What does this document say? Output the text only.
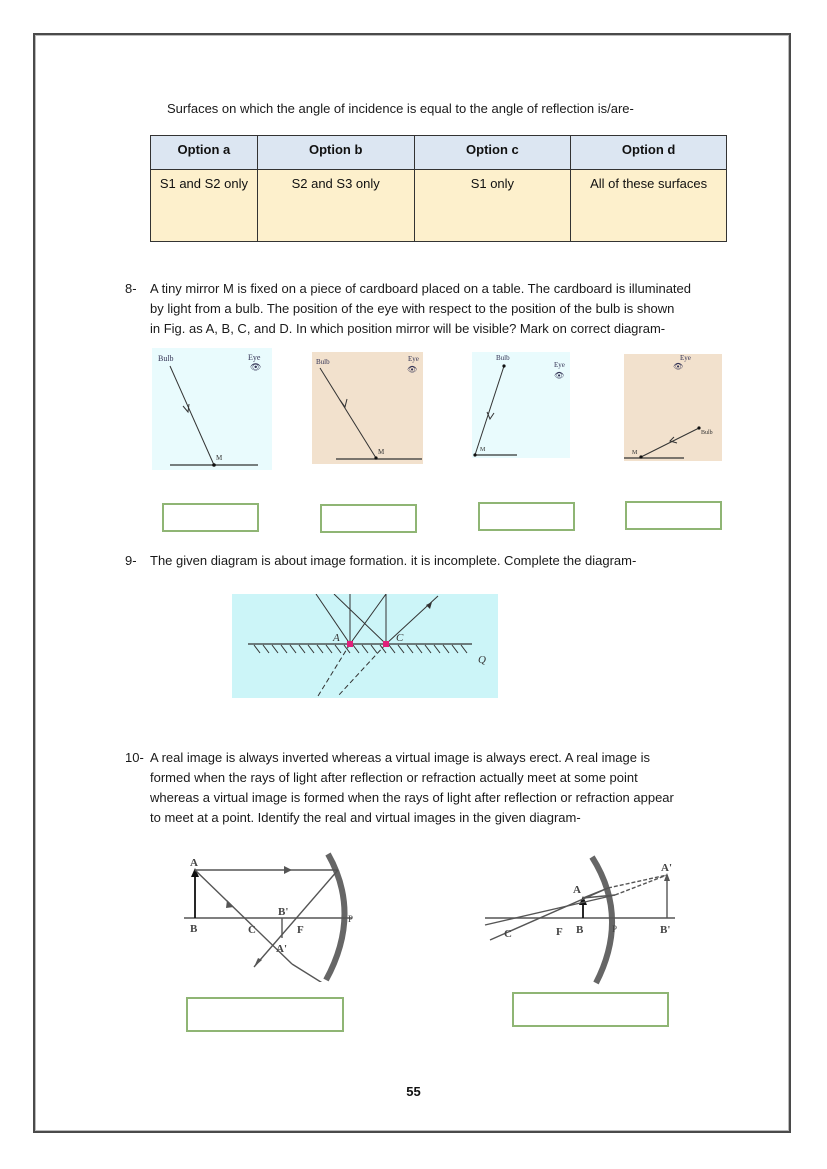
Surfaces on which the angle of incidence is equal to the angle of reflection is/are-
Option a	Option b	Option c	Option d
S1 and S2 only	S2 and S3 only	S1 only	All of these surfaces
8- A tiny mirror M is fixed on a piece of cardboard placed on a table. The cardboard is illuminated
by light from a bulb. The position of the eye with respect to the position of the bulb is shown
in Fig. as A, B, C, and D. In which position mirror will be visible? Mark on correct diagram-
Bulb	Eye
👁
M
Bulb	Eye
👁
M
Bulb
Eye
👁
M
Eye
👁
Bulb
M
9- The given diagram is about image formation. it is incomplete. Complete the diagram-
A	C
Q
10- A real image is always inverted whereas a virtual image is always erect. A real image is
formed when the rays of light after reflection or refraction actually meet at some point
whereas a virtual image is formed when the rays of light after reflection or refraction appear
to meet at a point. Identify the real and virtual images in the given diagram-
A
B	C
B'
F
A'
P
A
B
C	F
A'
B'
P
55
